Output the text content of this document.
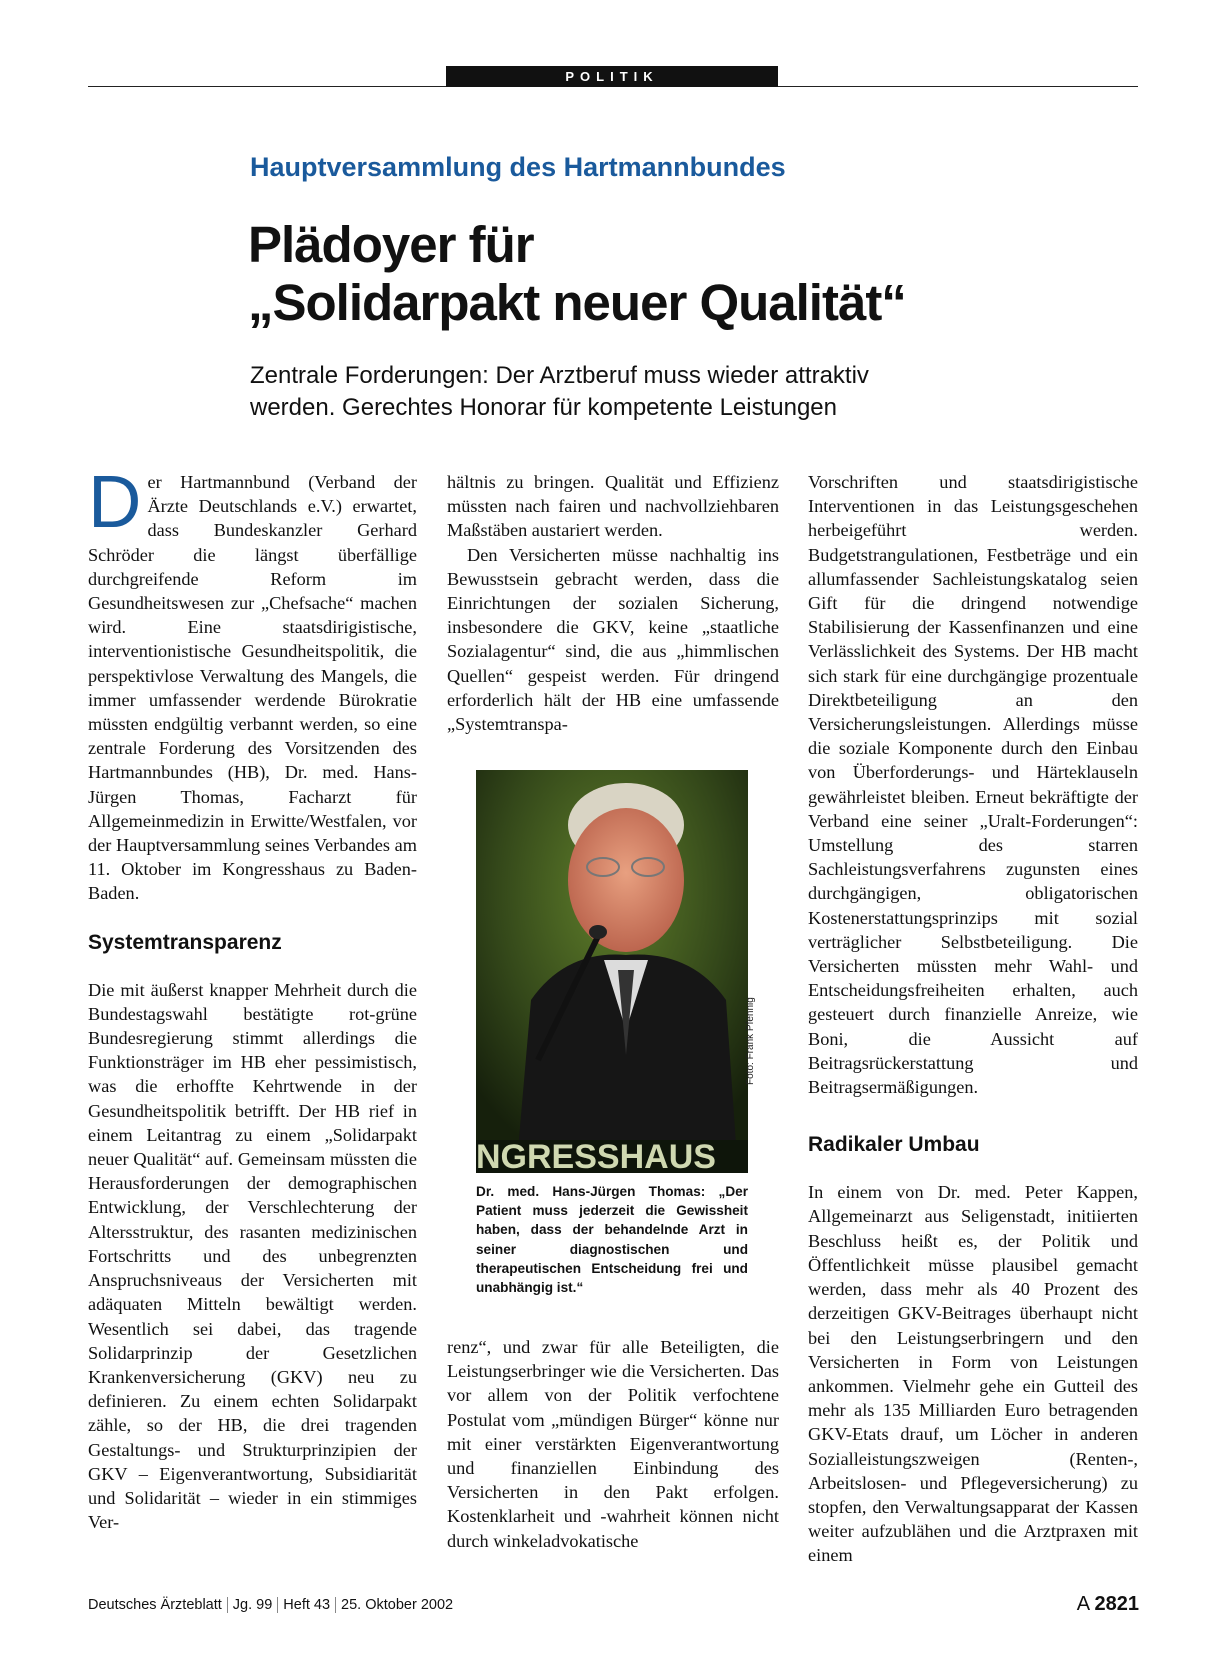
POLITIK
Hauptversammlung des Hartmannbundes
Plädoyer für
„Solidarpakt neuer Qualität“
Zentrale Forderungen: Der Arztberuf muss wieder attraktiv
werden. Gerechtes Honorar für kompetente Leistungen

Der Hartmannbund (Verband der Ärzte Deutschlands e.V.) erwartet, dass Bundeskanzler Gerhard Schröder die längst überfällige durchgreifende Reform im Gesundheitswesen zur „Chefsache“ machen wird. Eine staatsdirigistische, interventionistische Gesundheitspolitik, die perspektivlose Verwaltung des Mangels, die immer umfassender werdende Bürokratie müssten endgültig verbannt werden, so eine zentrale Forderung des Vorsitzenden des Hartmannbundes (HB), Dr. med. Hans-Jürgen Thomas, Facharzt für Allgemeinmedizin in Erwitte/Westfalen, vor der Hauptversammlung seines Verbandes am 11. Oktober im Kongresshaus zu Baden-Baden.

Systemtransparenz

Die mit äußerst knapper Mehrheit durch die Bundestagswahl bestätigte rot-grüne Bundesregierung stimmt allerdings die Funktionsträger im HB eher pessimistisch, was die erhoffte Kehrtwende in der Gesundheitspolitik betrifft. Der HB rief in einem Leitantrag zu einem „Solidarpakt neuer Qualität“ auf. Gemeinsam müssten die Herausforderungen der demographischen Entwicklung, der Verschlechterung der Altersstruktur, des rasanten medizinischen Fortschritts und des unbegrenzten Anspruchsniveaus der Versicherten mit adäquaten Mitteln bewältigt werden. Wesentlich sei dabei, das tragende Solidarprinzip der Gesetzlichen Krankenversicherung (GKV) neu zu definieren. Zu einem echten Solidarpakt zähle, so der HB, die drei tragenden Gestaltungs- und Strukturprinzipien der GKV – Eigenverantwortung, Subsidiarität und Solidarität – wieder in ein stimmiges Ver-

hältnis zu bringen. Qualität und Effizienz müssten nach fairen und nachvollziehbaren Maßstäben austariert werden.

Den Versicherten müsse nachhaltig ins Bewusstsein gebracht werden, dass die Einrichtungen der sozialen Sicherung, insbesondere die GKV, keine „staatliche Sozialagentur“ sind, die aus „himmlischen Quellen“ gespeist werden. Für dringend erforderlich hält der HB eine umfassende „Systemtranspa-

NGRESSHAUS
Foto: Frank Pfennig
Dr. med. Hans-Jürgen Thomas: „Der Patient muss jederzeit die Gewissheit haben, dass der behandelnde Arzt in seiner diagnostischen und therapeutischen Entscheidung frei und unabhängig ist.“

renz“, und zwar für alle Beteiligten, die Leistungserbringer wie die Versicherten. Das vor allem von der Politik verfochtene Postulat vom „mündigen Bürger“ könne nur mit einer verstärkten Eigenverantwortung und finanziellen Einbindung des Versicherten in den Pakt erfolgen. Kostenklarheit und -wahrheit können nicht durch winkeladvokatische

Vorschriften und staatsdirigistische Interventionen in das Leistungsgeschehen herbeigeführt werden. Budgetstrangulationen, Festbeträge und ein allumfassender Sachleistungskatalog seien Gift für die dringend notwendige Stabilisierung der Kassenfinanzen und eine Verlässlichkeit des Systems. Der HB macht sich stark für eine durchgängige prozentuale Direktbeteiligung an den Versicherungsleistungen. Allerdings müsse die soziale Komponente durch den Einbau von Überforderungs- und Härteklauseln gewährleistet bleiben. Erneut bekräftigte der Verband eine seiner „Uralt-Forderungen“: Umstellung des starren Sachleistungsverfahrens zugunsten eines durchgängigen, obligatorischen Kostenerstattungsprinzips mit sozial verträglicher Selbstbeteiligung. Die Versicherten müssten mehr Wahl- und Entscheidungsfreiheiten erhalten, auch gesteuert durch finanzielle Anreize, wie Boni, die Aussicht auf Beitragsrückerstattung und Beitragsermäßigungen.

Radikaler Umbau

In einem von Dr. med. Peter Kappen, Allgemeinarzt aus Seligenstadt, initiierten Beschluss heißt es, der Politik und Öffentlichkeit müsse plausibel gemacht werden, dass mehr als 40 Prozent des derzeitigen GKV-Beitrages überhaupt nicht bei den Leistungserbringern und den Versicherten in Form von Leistungen ankommen. Vielmehr gehe ein Gutteil des mehr als 135 Milliarden Euro betragenden GKV-Etats drauf, um Löcher in anderen Sozialleistungszweigen (Renten-, Arbeitslosen- und Pflegeversicherung) zu stopfen, den Verwaltungsapparat der Kassen weiter aufzublähen und die Arztpraxen mit einem

Deutsches Ärzteblatt Jg. 99 Heft 43 25. Oktober 2002	A 2821
